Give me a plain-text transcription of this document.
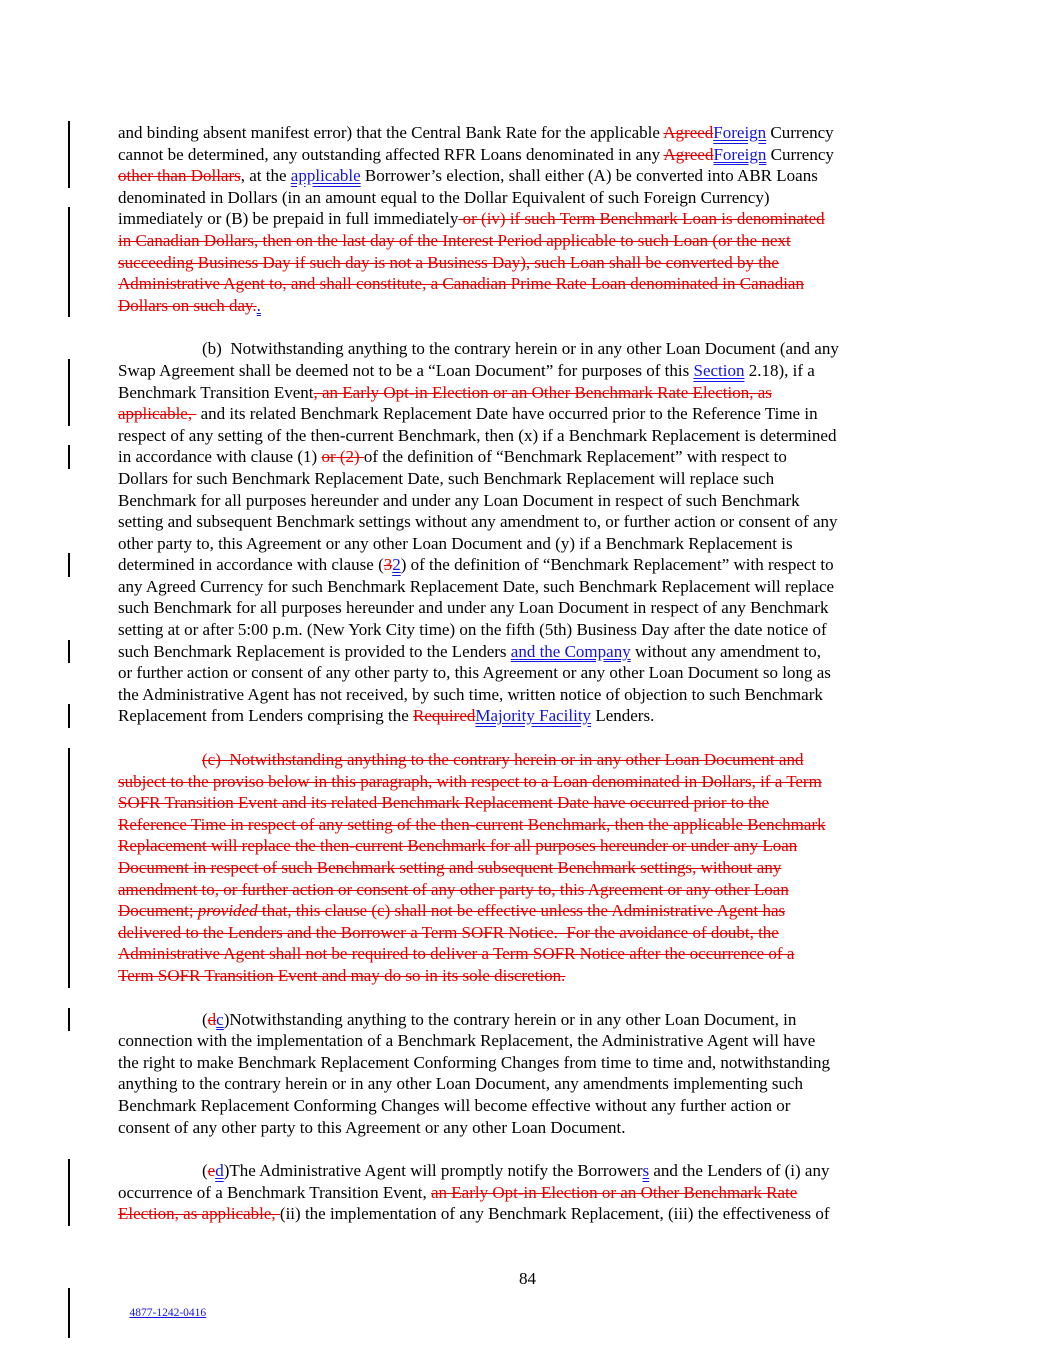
and binding absent manifest error) that the Central Bank Rate for the applicable AgreedForeign Currency
cannot be determined, any outstanding affected RFR Loans denominated in any AgreedForeign Currency
other than Dollars, at the applicable Borrower’s election, shall either (A) be converted into ABR Loans
denominated in Dollars (in an amount equal to the Dollar Equivalent of such Foreign Currency)
immediately or (B) be prepaid in full immediately or (iv) if such Term Benchmark Loan is denominated
in Canadian Dollars, then on the last day of the Interest Period applicable to such Loan (or the next
succeeding Business Day if such day is not a Business Day), such Loan shall be converted by the
Administrative Agent to, and shall constitute, a Canadian Prime Rate Loan denominated in Canadian
Dollars on such day..
(b)  Notwithstanding anything to the contrary herein or in any other Loan Document (and any
Swap Agreement shall be deemed not to be a “Loan Document” for purposes of this Section 2.18), if a
Benchmark Transition Event, an Early Opt-in Election or an Other Benchmark Rate Election, as
applicable,  and its related Benchmark Replacement Date have occurred prior to the Reference Time in
respect of any setting of the then-current Benchmark, then (x) if a Benchmark Replacement is determined
in accordance with clause (1) or (2) of the definition of “Benchmark Replacement” with respect to
Dollars for such Benchmark Replacement Date, such Benchmark Replacement will replace such
Benchmark for all purposes hereunder and under any Loan Document in respect of such Benchmark
setting and subsequent Benchmark settings without any amendment to, or further action or consent of any
other party to, this Agreement or any other Loan Document and (y) if a Benchmark Replacement is
determined in accordance with clause (32) of the definition of “Benchmark Replacement” with respect to
any Agreed Currency for such Benchmark Replacement Date, such Benchmark Replacement will replace
such Benchmark for all purposes hereunder and under any Loan Document in respect of any Benchmark
setting at or after 5:00 p.m. (New York City time) on the fifth (5th) Business Day after the date notice of
such Benchmark Replacement is provided to the Lenders and the Company without any amendment to,
or further action or consent of any other party to, this Agreement or any other Loan Document so long as
the Administrative Agent has not received, by such time, written notice of objection to such Benchmark
Replacement from Lenders comprising the RequiredMajority Facility Lenders.
(c)  Notwithstanding anything to the contrary herein or in any other Loan Document and
subject to the proviso below in this paragraph, with respect to a Loan denominated in Dollars, if a Term
SOFR Transition Event and its related Benchmark Replacement Date have occurred prior to the
Reference Time in respect of any setting of the then-current Benchmark, then the applicable Benchmark
Replacement will replace the then-current Benchmark for all purposes hereunder or under any Loan
Document in respect of such Benchmark setting and subsequent Benchmark settings, without any
amendment to, or further action or consent of any other party to, this Agreement or any other Loan
Document; provided that, this clause (c) shall not be effective unless the Administrative Agent has
delivered to the Lenders and the Borrower a Term SOFR Notice.  For the avoidance of doubt, the
Administrative Agent shall not be required to deliver a Term SOFR Notice after the occurrence of a
Term SOFR Transition Event and may do so in its sole discretion.
(dc)Notwithstanding anything to the contrary herein or in any other Loan Document, in
connection with the implementation of a Benchmark Replacement, the Administrative Agent will have
the right to make Benchmark Replacement Conforming Changes from time to time and, notwithstanding
anything to the contrary herein or in any other Loan Document, any amendments implementing such
Benchmark Replacement Conforming Changes will become effective without any further action or
consent of any other party to this Agreement or any other Loan Document.
(ed)The Administrative Agent will promptly notify the Borrowers and the Lenders of (i) any
occurrence of a Benchmark Transition Event, an Early Opt-in Election or an Other Benchmark Rate
Election, as applicable, (ii) the implementation of any Benchmark Replacement, (iii) the effectiveness of
84

4877-1242-0416
